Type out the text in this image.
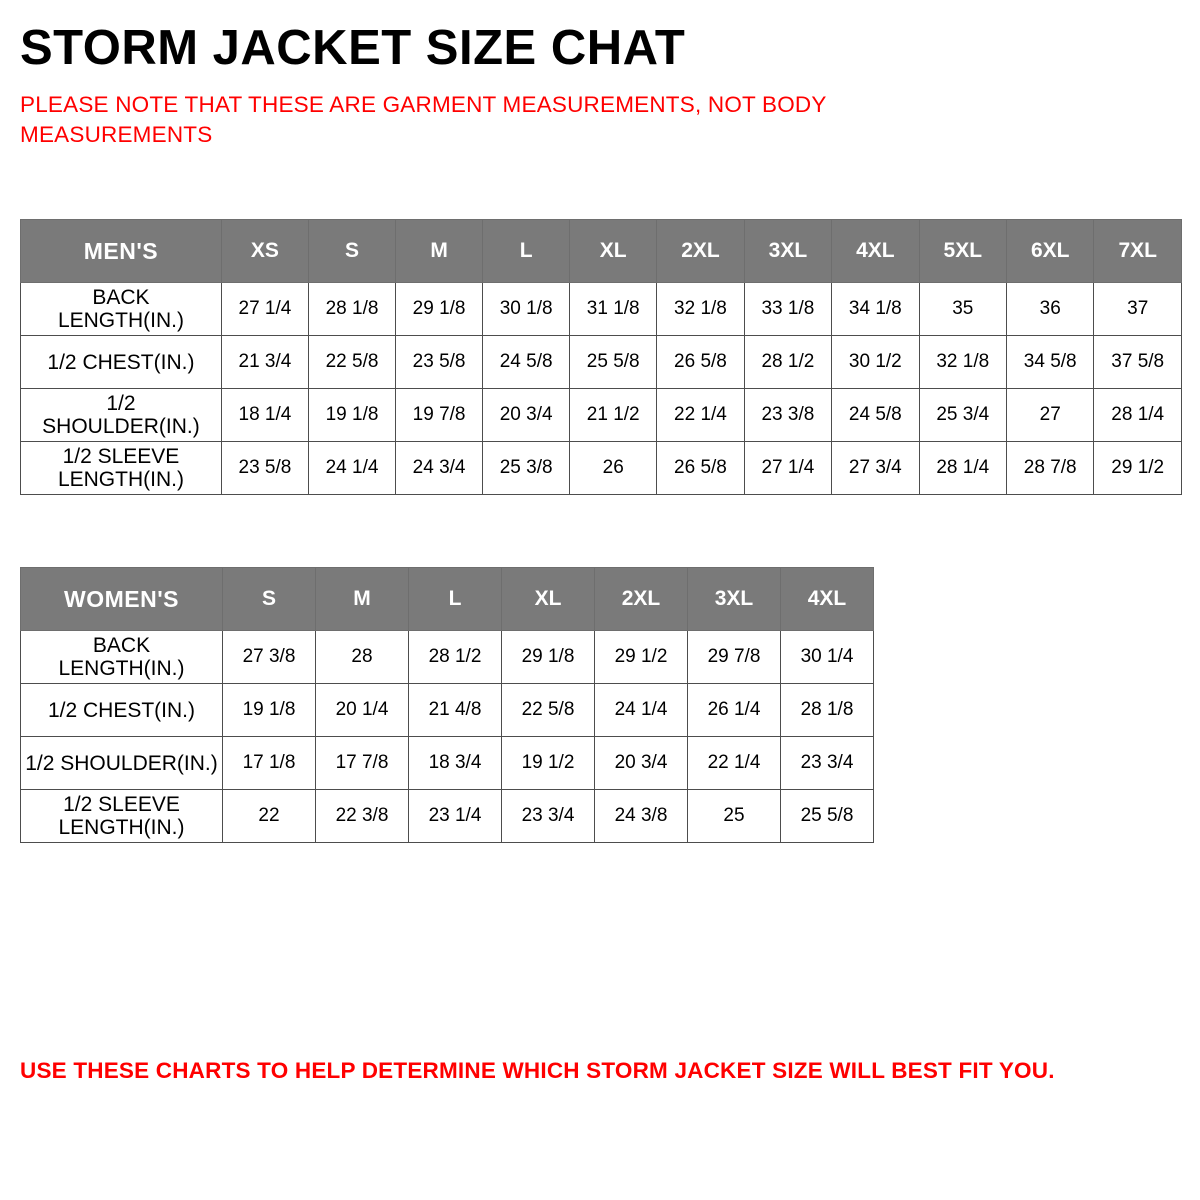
STORM JACKET SIZE CHAT

PLEASE NOTE THAT THESE ARE GARMENT MEASUREMENTS, NOT BODY MEASUREMENTS

MEN'S	XS	S	M	L	XL	2XL	3XL	4XL	5XL	6XL	7XL

BACK
LENGTH(IN.)	27 1/4	28 1/8	29 1/8	30 1/8	31 1/8	32 1/8	33 1/8	34 1/8	35	36	37

1/2 CHEST(IN.)	21 3/4	22 5/8	23 5/8	24 5/8	25 5/8	26 5/8	28 1/2	30 1/2	32 1/8	34 5/8	37 5/8

1/2 SHOULDER(IN.)	18 1/4	19 1/8	19 7/8	20 3/4	21 1/2	22 1/4	23 3/8	24 5/8	25 3/4	27	28 1/4

1/2 SLEEVE
LENGTH(IN.)	23 5/8	24 1/4	24 3/4	25 3/8	26	26 5/8	27 1/4	27 3/4	28 1/4	28 7/8	29 1/2
WOMEN'S	S	M	L	XL	2XL	3XL	4XL

BACK
LENGTH(IN.)	27 3/8	28	28 1/2	29 1/8	29 1/2	29 7/8	30 1/4

1/2 CHEST(IN.)	19 1/8	20 1/4	21 4/8	22 5/8	24 1/4	26 1/4	28 1/8

1/2 SHOULDER(IN.)	17 1/8	17 7/8	18 3/4	19 1/2	20 3/4	22 1/4	23 3/4

1/2 SLEEVE
LENGTH(IN.)	22	22 3/8	23 1/4	23 3/4	24 3/8	25	25 5/8

USE THESE CHARTS TO HELP DETERMINE WHICH STORM JACKET SIZE WILL BEST FIT YOU.
